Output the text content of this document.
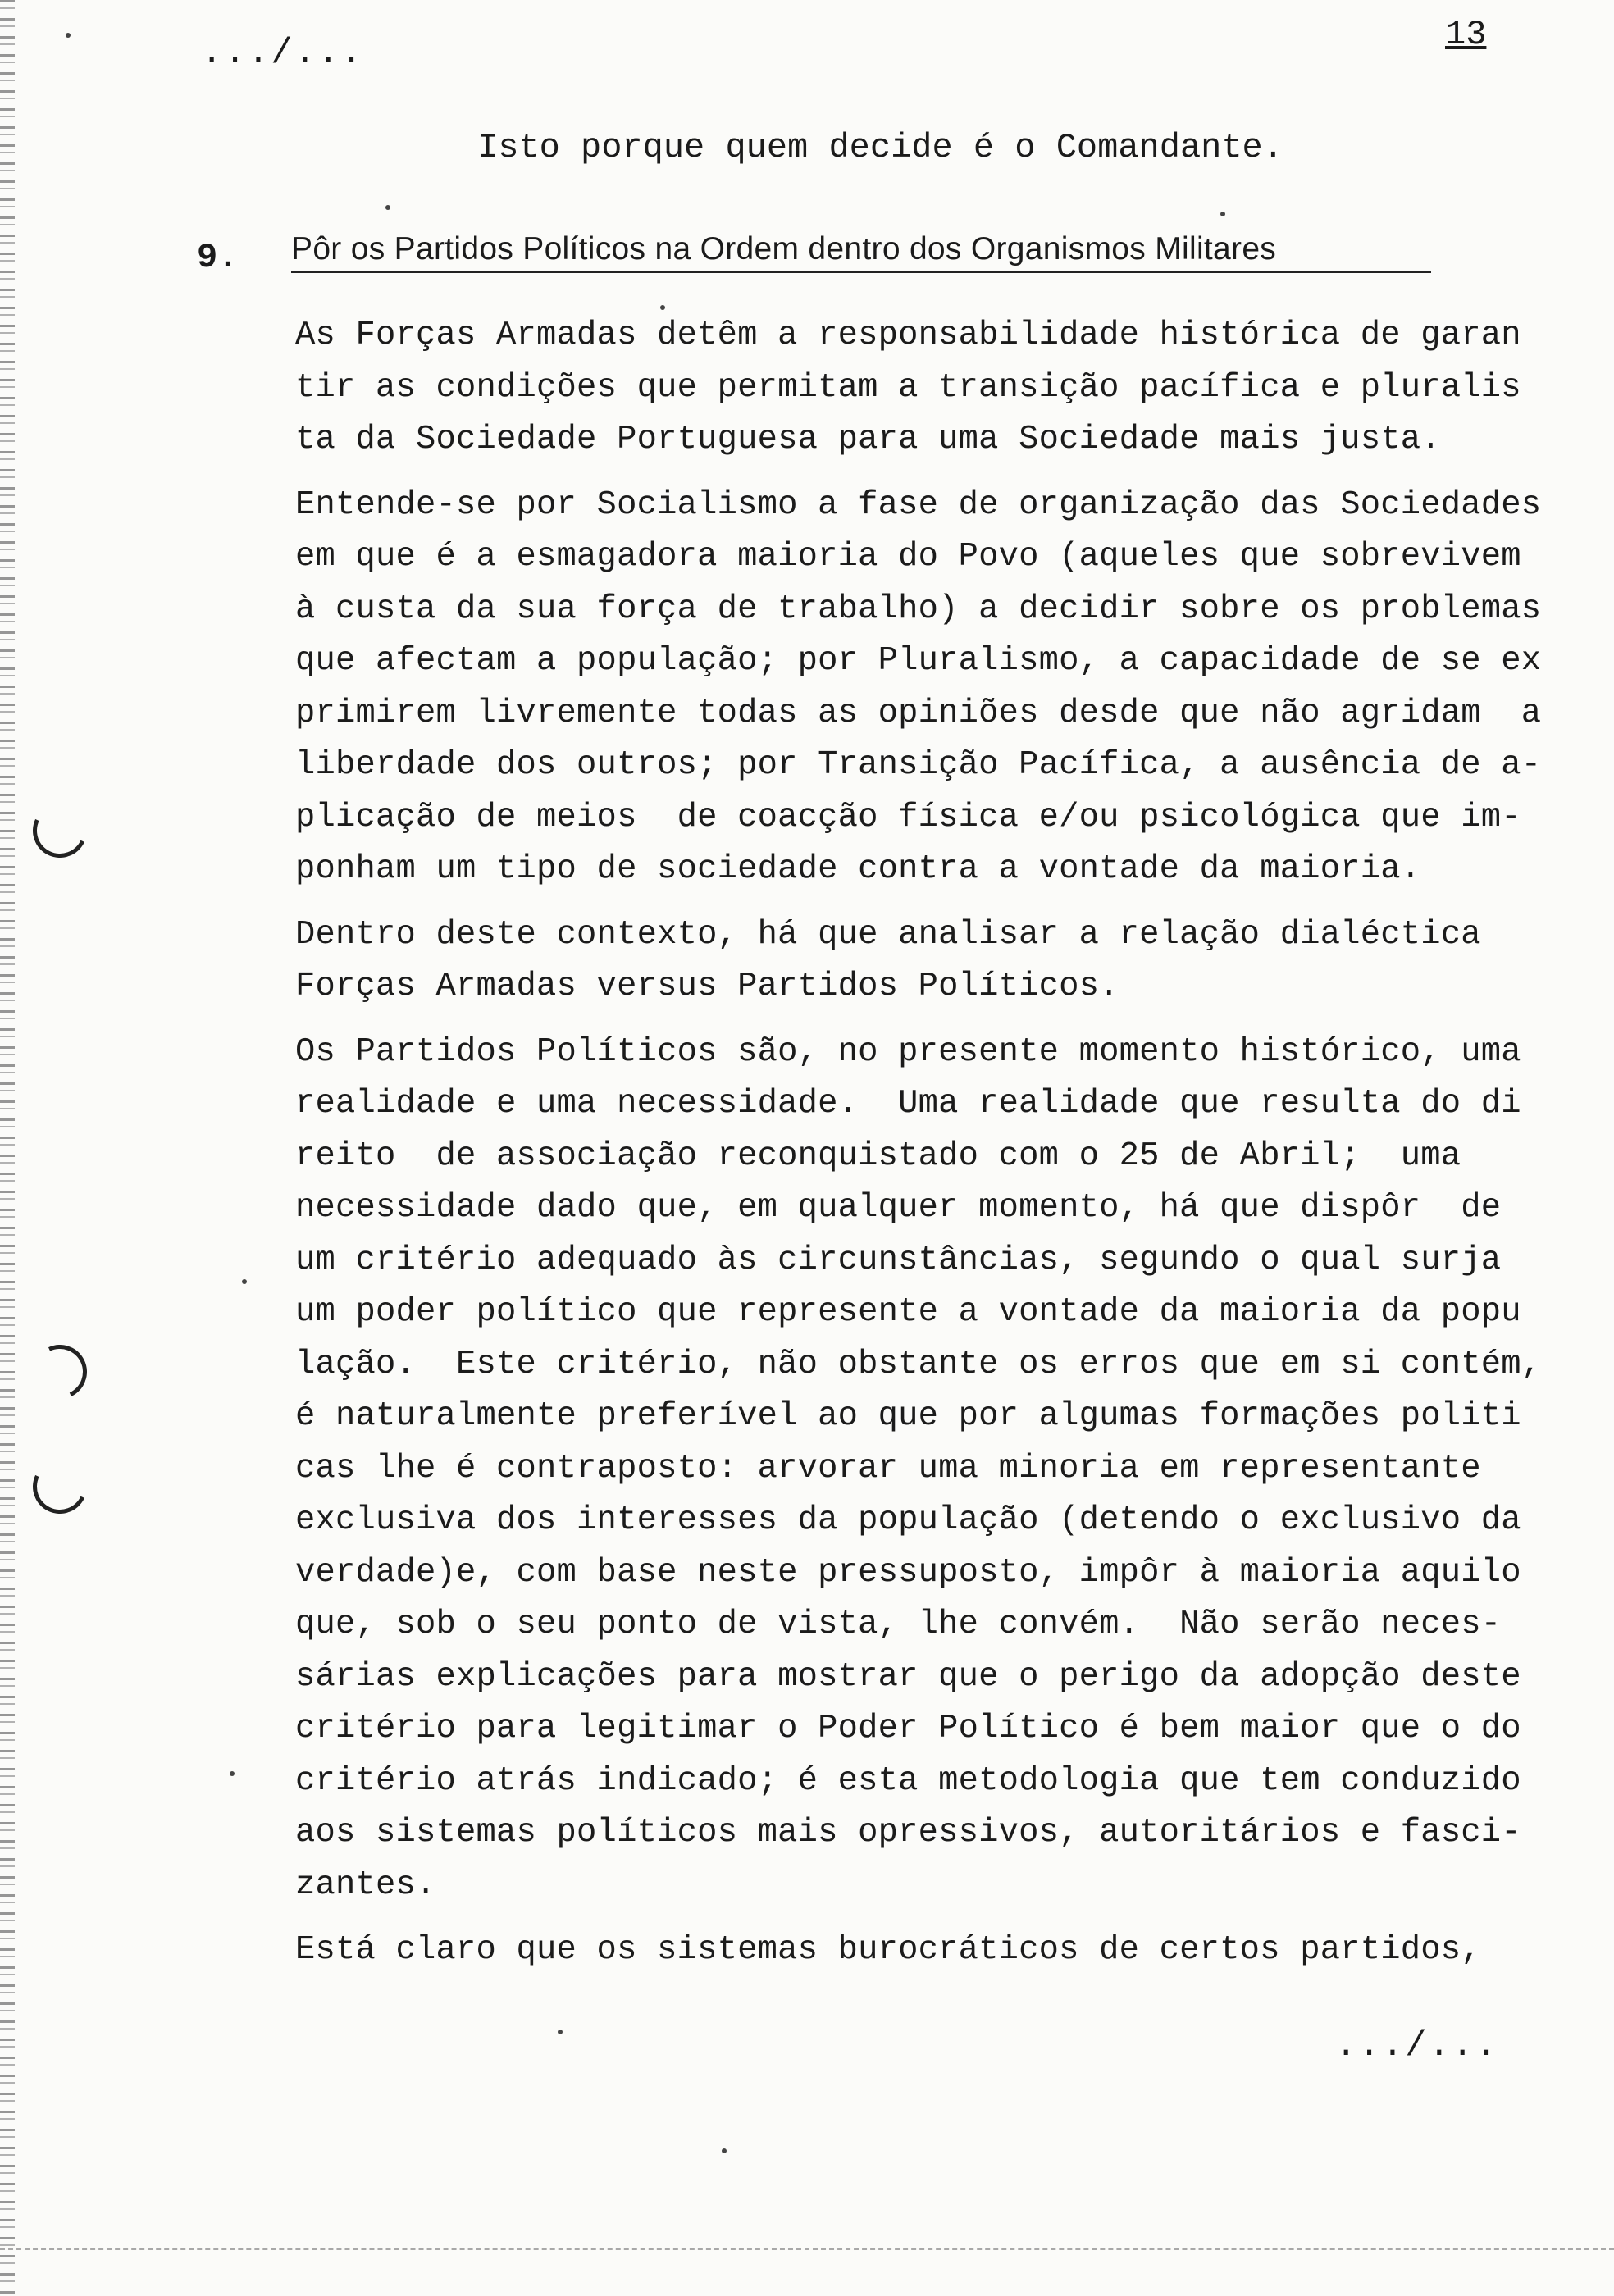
.../...	13
Isto porque quem decide é o Comandante.
9. Pôr os Partidos Políticos na Ordem dentro dos Organismos Militares
As Forças Armadas detêm a responsabilidade histórica de garan
tir as condições que permitam a transição pacífica e pluralis
ta da Sociedade Portuguesa para uma Sociedade mais justa.
Entende-se por Socialismo a fase de organização das Sociedades
em que é a esmagadora maioria do Povo (aqueles que sobrevivem
à custa da sua força de trabalho) a decidir sobre os problemas
que afectam a população; por Pluralismo, a capacidade de se ex
primirem livremente todas as opiniões desde que não agridam  a
liberdade dos outros; por Transição Pacífica, a ausência de a-
plicação de meios  de coacção física e/ou psicológica que im-
ponham um tipo de sociedade contra a vontade da maioria.
Dentro deste contexto, há que analisar a relação dialéctica
Forças Armadas versus Partidos Políticos.
Os Partidos Políticos são, no presente momento histórico, uma
realidade e uma necessidade.  Uma realidade que resulta do di
reito  de associação reconquistado com o 25 de Abril;  uma
necessidade dado que, em qualquer momento, há que dispôr  de
um critério adequado às circunstâncias, segundo o qual surja
um poder político que represente a vontade da maioria da popu
lação.  Este critério, não obstante os erros que em si contém,
é naturalmente preferível ao que por algumas formações politi
cas lhe é contraposto: arvorar uma minoria em representante
exclusiva dos interesses da população (detendo o exclusivo da
verdade)e, com base neste pressuposto, impôr à maioria aquilo
que, sob o seu ponto de vista, lhe convém.  Não serão neces-
sárias explicações para mostrar que o perigo da adopção deste
critério para legitimar o Poder Político é bem maior que o do
critério atrás indicado; é esta metodologia que tem conduzido
aos sistemas políticos mais opressivos, autoritários e fasci-
zantes.
Está claro que os sistemas burocráticos de certos partidos,
.../...
